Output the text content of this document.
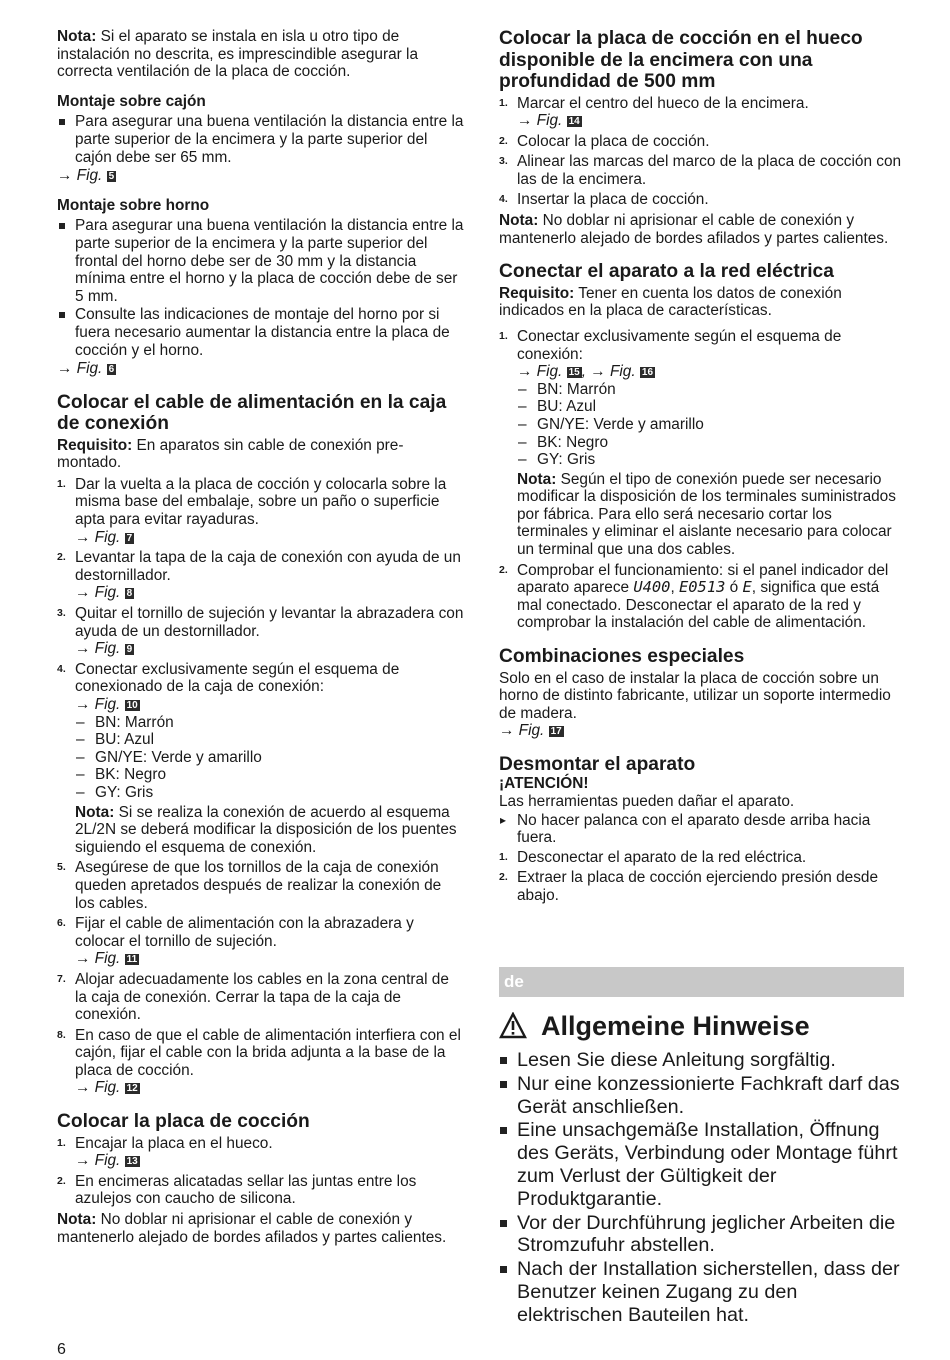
Nota: Si el aparato se instala en isla u otro tipo de instalación no descrita, es imprescindible asegurar la correcta ventilación de la placa de cocción.

Montaje sobre cajón
Para asegurar una buena ventilación la distancia entre la parte superior de la encimera y la parte superior del cajón debe ser 65 mm.

→ Fig. 5

Montaje sobre horno
Para asegurar una buena ventilación la distancia entre la parte superior de la encimera y la parte superior del frontal del horno debe ser de 30 mm y la distancia mínima entre el horno y la placa de cocción debe de ser 5 mm.
Consulte las indicaciones de montaje del horno por si fuera necesario aumentar la distancia entre la placa de cocción y el horno.

→ Fig. 6

Colocar el cable de alimentación en la caja de conexión

Requisito: En aparatos sin cable de conexión pre-montado.

1. Dar la vuelta a la placa de cocción y colocarla sobre la misma base del embalaje, sobre un paño o superficie apta para evitar rayaduras.
→ Fig. 7
2. Levantar la tapa de la caja de conexión con ayuda de un destornillador.
→ Fig. 8
3. Quitar el tornillo de sujeción y levantar la abrazadera con ayuda de un destornillador.
→ Fig. 9
4. Conectar exclusivamente según el esquema de conexionado de la caja de conexión:
→ Fig. 10
– BN: Marrón
– BU: Azul
– GN/YE: Verde y amarillo
– BK: Negro
– GY: Gris
Nota: Si se realiza la conexión de acuerdo al esquema 2L/2N se deberá modificar la disposición de los puentes siguiendo el esquema de conexión.
5. Asegúrese de que los tornillos de la caja de conexión queden apretados después de realizar la conexión de los cables.
6. Fijar el cable de alimentación con la abrazadera y colocar el tornillo de sujeción.
→ Fig. 11
7. Alojar adecuadamente los cables en la zona central de la caja de conexión. Cerrar la tapa de la caja de conexión.
8. En caso de que el cable de alimentación interfiera con el cajón, fijar el cable con la brida adjunta a la base de la placa de cocción.
→ Fig. 12
Colocar la placa de cocción
1. Encajar la placa en el hueco.
→ Fig. 13
2. En encimeras alicatadas sellar las juntas entre los azulejos con caucho de silicona.

Nota: No doblar ni aprisionar el cable de conexión y mantenerlo alejado de bordes afilados y partes calientes.

Colocar la placa de cocción en el hueco disponible de la encimera con una profundidad de 500 mm
1. Marcar el centro del hueco de la encimera.
→ Fig. 14
2. Colocar la placa de cocción.
3. Alinear las marcas del marco de la placa de cocción con las de la encimera.
4. Insertar la placa de cocción.

Nota: No doblar ni aprisionar el cable de conexión y mantenerlo alejado de bordes afilados y partes calientes.

Conectar el aparato a la red eléctrica

Requisito: Tener en cuenta los datos de conexión indicados en la placa de características.

1. Conectar exclusivamente según el esquema de conexión:
→ Fig. 15 , → Fig. 16
– BN: Marrón
– BU: Azul
– GN/YE: Verde y amarillo
– BK: Negro
– GY: Gris
Nota: Según el tipo de conexión puede ser necesario modificar la disposición de los terminales suministrados por fábrica. Para ello será necesario cortar los terminales y eliminar el aislante necesario para colocar un terminal que una dos cables.
2. Comprobar el funcionamiento: si el panel indicador del aparato aparece U400, E0513 ó E, significa que está mal conectado. Desconectar el aparato de la red y comprobar la instalación del cable de alimentación.
Combinaciones especiales

Solo en el caso de instalar la placa de cocción sobre un horno de distinto fabricante, utilizar un soporte intermedio de madera.

→ Fig. 17

Desmontar el aparato
¡ATENCIÓN!

Las herramientas pueden dañar el aparato.

▸ No hacer palanca con el aparato desde arriba hacia fuera.
1. Desconectar el aparato de la red eléctrica.
2. Extraer la placa de cocción ejerciendo presión desde abajo.
de
Allgemeine Hinweise
Lesen Sie diese Anleitung sorgfältig.
Nur eine konzessionierte Fachkraft darf das Gerät anschließen.
Eine unsachgemäße Installation, Öffnung des Geräts, Verbindung oder Montage führt zum Verlust der Gültigkeit der Produktgarantie.
Vor der Durchführung jeglicher Arbeiten die Stromzufuhr abstellen.
Nach der Installation sicherstellen, dass der Benutzer keinen Zugang zu den elektrischen Bauteilen hat.
6
